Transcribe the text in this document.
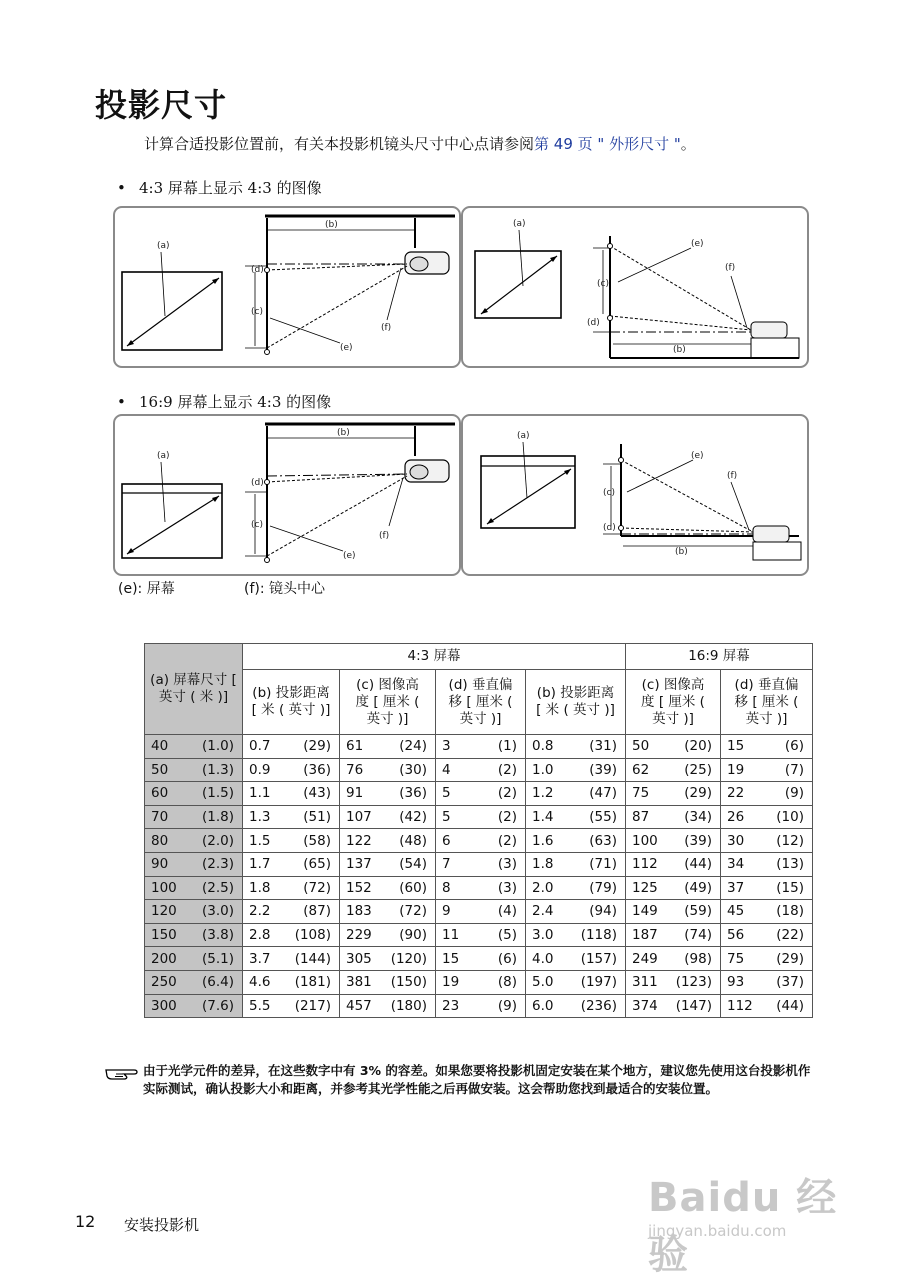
投影尺寸
计算合适投影位置前，有关本投影机镜头尺寸中心点请参阅第 49 页 " 外形尺寸 "。
• 4:3 屏幕上显示 4:3 的图像
(a)
(b)
(d)
(c)
(e)
(f)
(a)
(e)
(f)
(c)
(d)
(b)
• 16:9 屏幕上显示 4:3 的图像
(a)
(b)
(d)
(c)
(e)
(f)
(a)
(e)
(f)
(c)
(d)
(b)
(e): 屏幕	(f): 镜头中心
(a) 屏幕尺寸 [ 英寸 ( 米 )]	4:3 屏幕				16:9 屏幕	
	(b) 投影距离 [ 米 ( 英寸 )]	(c) 图像高度 [ 厘米 ( 英寸 )]	(d) 垂直偏移 [ 厘米 ( 英寸 )]	(b) 投影距离 [ 米 ( 英寸 )]	(c) 图像高度 [ 厘米 ( 英寸 )]	(d) 垂直偏移 [ 厘米 ( 英寸 )]

40 (1.0)	0.7 (29)	61 (24)	3 (1)	0.8 (31)	50 (20)	15 (6)

50 (1.3)	0.9 (36)	76 (30)	4 (2)	1.0 (39)	62 (25)	19 (7)

60 (1.5)	1.1 (43)	91 (36)	5 (2)	1.2 (47)	75 (29)	22 (9)

70 (1.8)	1.3 (51)	107 (42)	5 (2)	1.4 (55)	87 (34)	26 (10)

80 (2.0)	1.5 (58)	122 (48)	6 (2)	1.6 (63)	100 (39)	30 (12)

90 (2.3)	1.7 (65)	137 (54)	7 (3)	1.8 (71)	112 (44)	34 (13)

100 (2.5)	1.8 (72)	152 (60)	8 (3)	2.0 (79)	125 (49)	37 (15)

120 (3.0)	2.2 (87)	183 (72)	9 (4)	2.4 (94)	149 (59)	45 (18)

150 (3.8)	2.8 (108)	229 (90)	11 (5)	3.0 (118)	187 (74)	56 (22)

200 (5.1)	3.7 (144)	305 (120)	15 (6)	4.0 (157)	249 (98)	75 (29)

250 (6.4)	4.6 (181)	381 (150)	19 (8)	5.0 (197)	311 (123)	93 (37)

300 (7.6)	5.5 (217)	457 (180)	23 (9)	6.0 (236)	374 (147)	112 (44)
由于光学元件的差异，在这些数字中有 3% 的容差。如果您要将投影机固定安装在某个地方，建议您先使用这台投影机作实际测试，确认投影大小和距离，并参考其光学性能之后再做安装。这会帮助您找到最适合的安装位置。
12 安装投影机
Baidu 经验
jingyan.baidu.com
